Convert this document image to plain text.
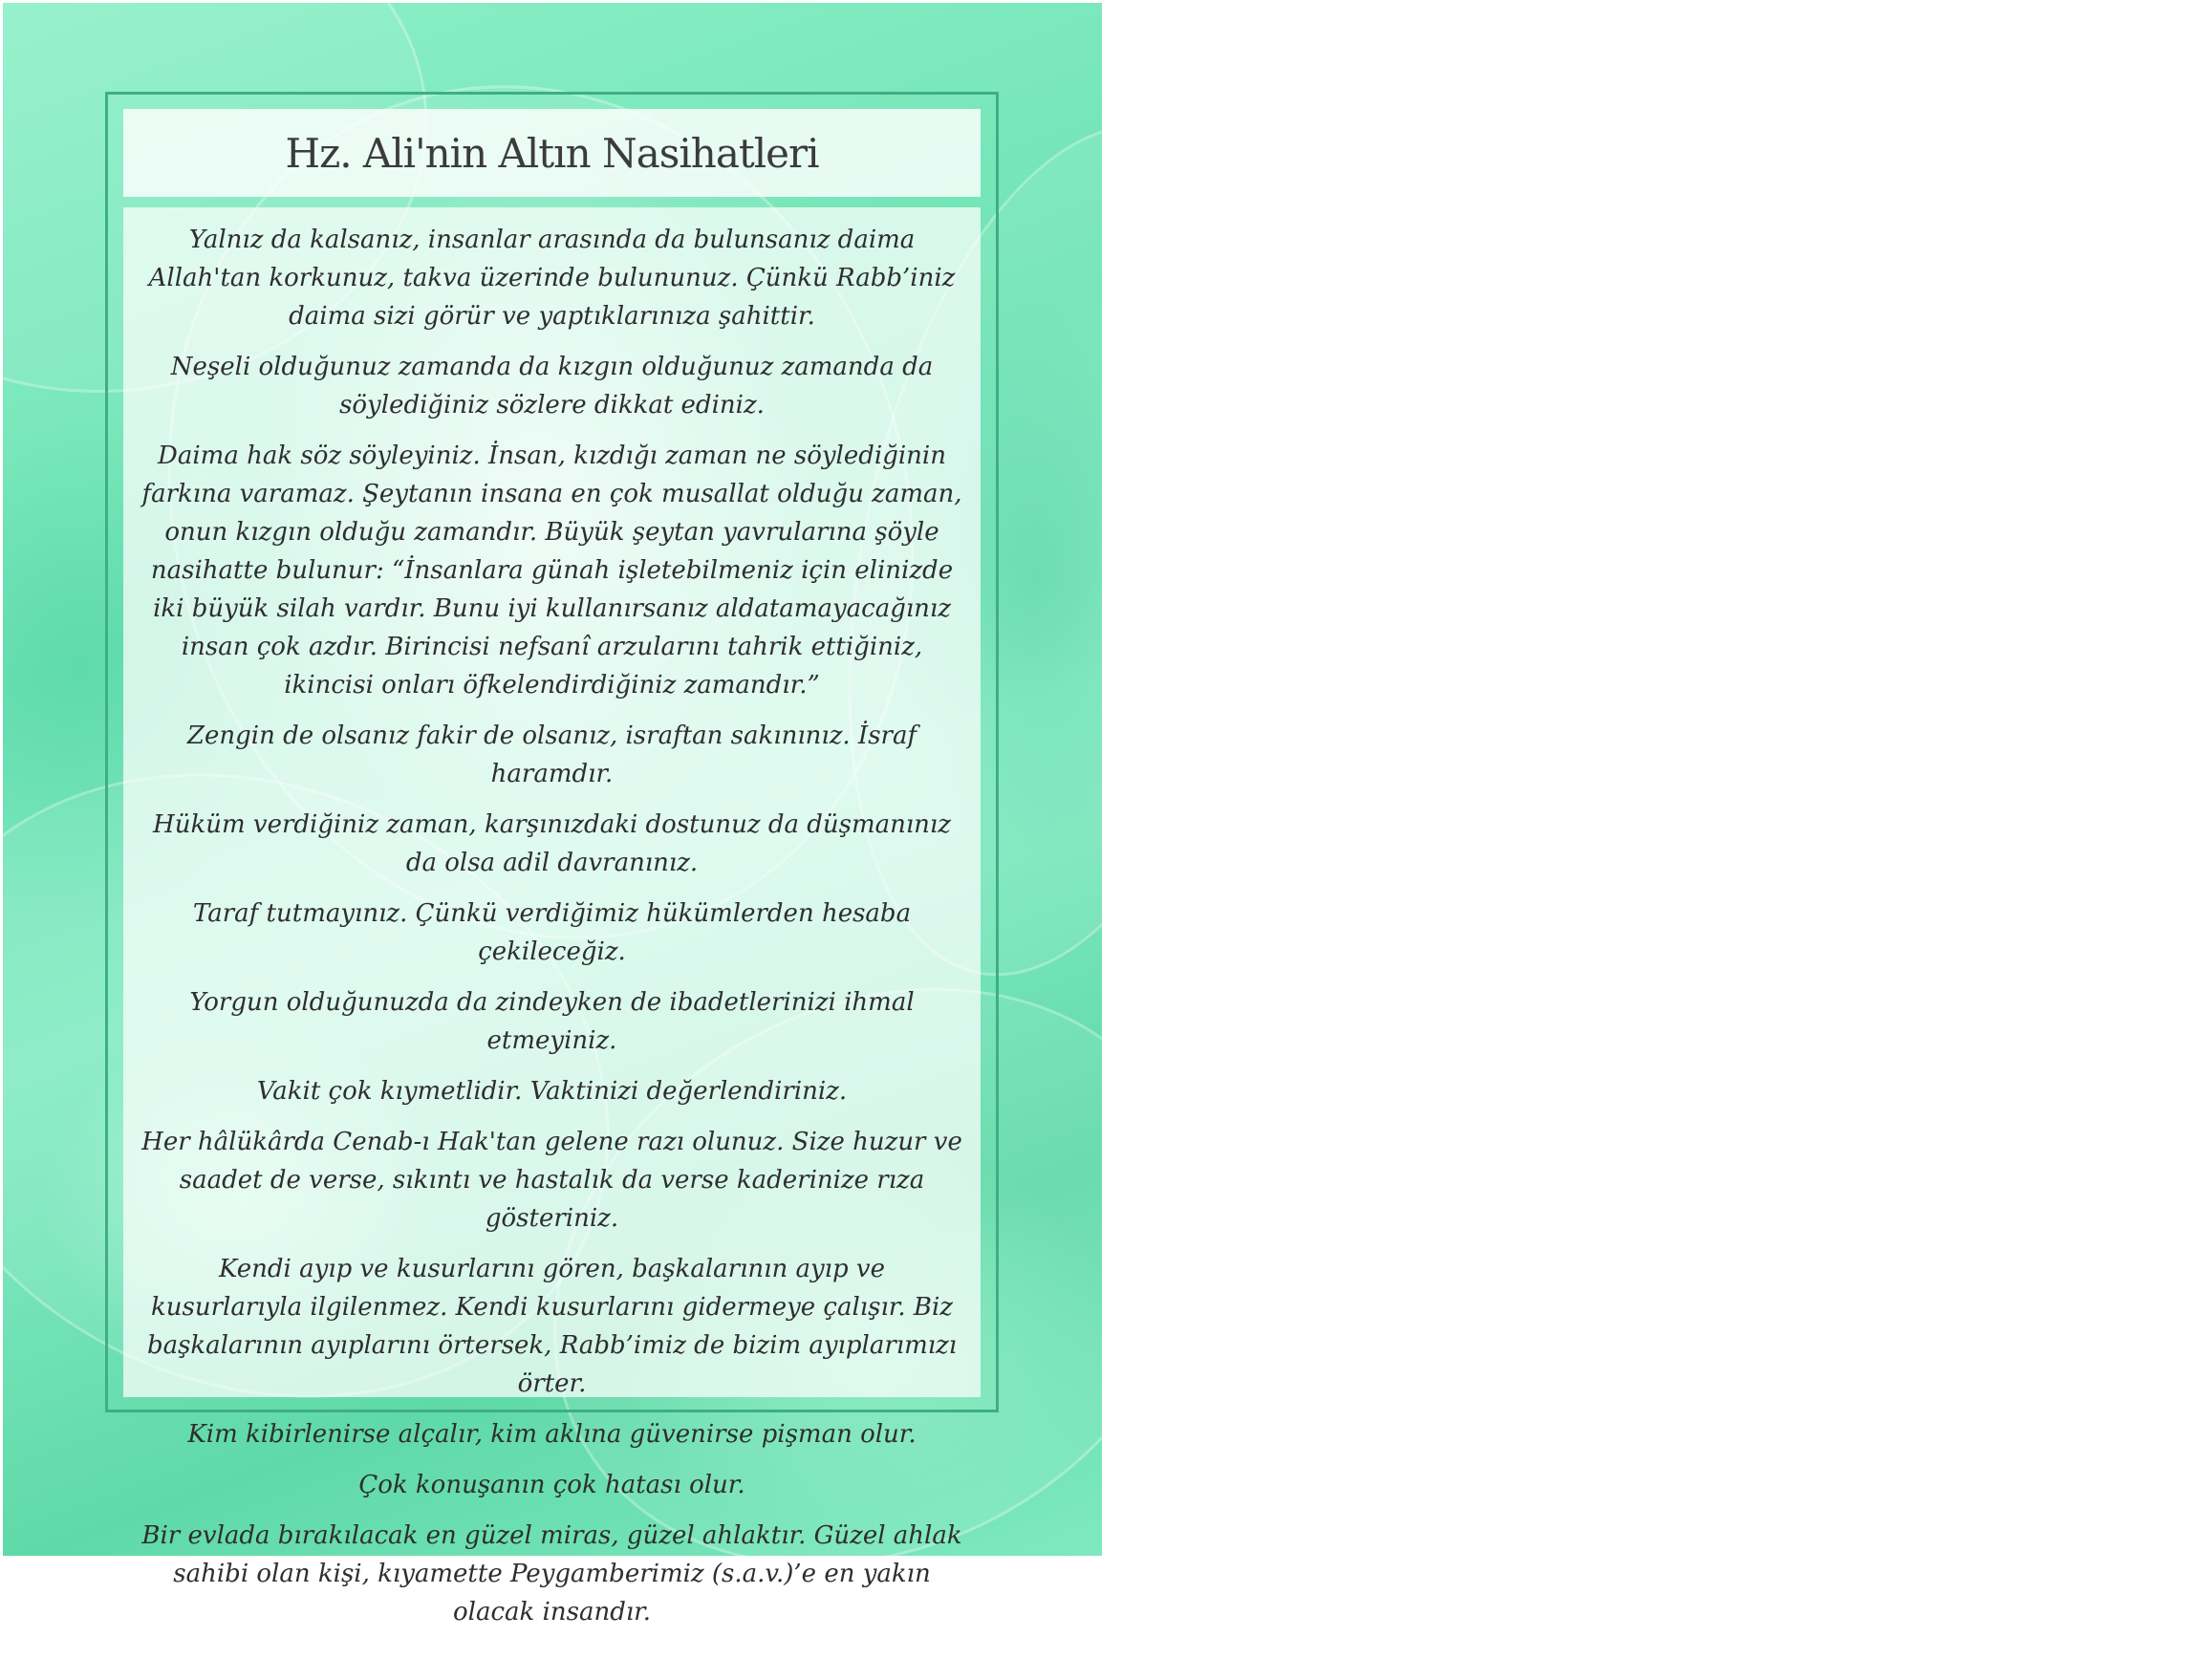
Hz. Ali'nin Altın Nasihatleri

Yalnız da kalsanız, insanlar arasında da bulunsanız daima Allah'tan korkunuz, takva üzerinde bulununuz. Çünkü Rabb’iniz daima sizi görür ve yaptıklarınıza şahittir.

Neşeli olduğunuz zamanda da kızgın olduğunuz zamanda da söylediğiniz sözlere dikkat ediniz.

Daima hak söz söyleyiniz. İnsan, kızdığı zaman ne söylediğinin farkına varamaz. Şeytanın insana en çok musallat olduğu zaman, onun kızgın olduğu zamandır. Büyük şeytan yavrularına şöyle nasihatte bulunur: “İnsanlara günah işletebilmeniz için elinizde iki büyük silah vardır. Bunu iyi kullanırsanız aldatamayacağınız insan çok azdır. Birincisi nefsanî arzularını tahrik ettiğiniz, ikincisi onları öfkelendirdiğiniz zamandır.”

Zengin de olsanız fakir de olsanız, israftan sakınınız. İsraf haramdır.

Hüküm verdiğiniz zaman, karşınızdaki dostunuz da düşmanınız da olsa adil davranınız.

Taraf tutmayınız. Çünkü verdiğimiz hükümlerden hesaba çekileceğiz.

Yorgun olduğunuzda da zindeyken de ibadetlerinizi ihmal etmeyiniz.

Vakit çok kıymetlidir. Vaktinizi değerlendiriniz.

Her hâlükârda Cenab-ı Hak'tan gelene razı olunuz. Size huzur ve saadet de verse, sıkıntı ve hastalık da verse kaderinize rıza gösteriniz.

Kendi ayıp ve kusurlarını gören, başkalarının ayıp ve kusurlarıyla ilgilenmez. Kendi kusurlarını gidermeye çalışır. Biz başkalarının ayıplarını örtersek, Rabb’imiz de bizim ayıplarımızı örter.

Kim kibirlenirse alçalır, kim aklına güvenirse pişman olur.

Çok konuşanın çok hatası olur.

Bir evlada bırakılacak en güzel miras, güzel ahlaktır. Güzel ahlak sahibi olan kişi, kıyamette Peygamberimiz (s.a.v.)’e en yakın olacak insandır.
